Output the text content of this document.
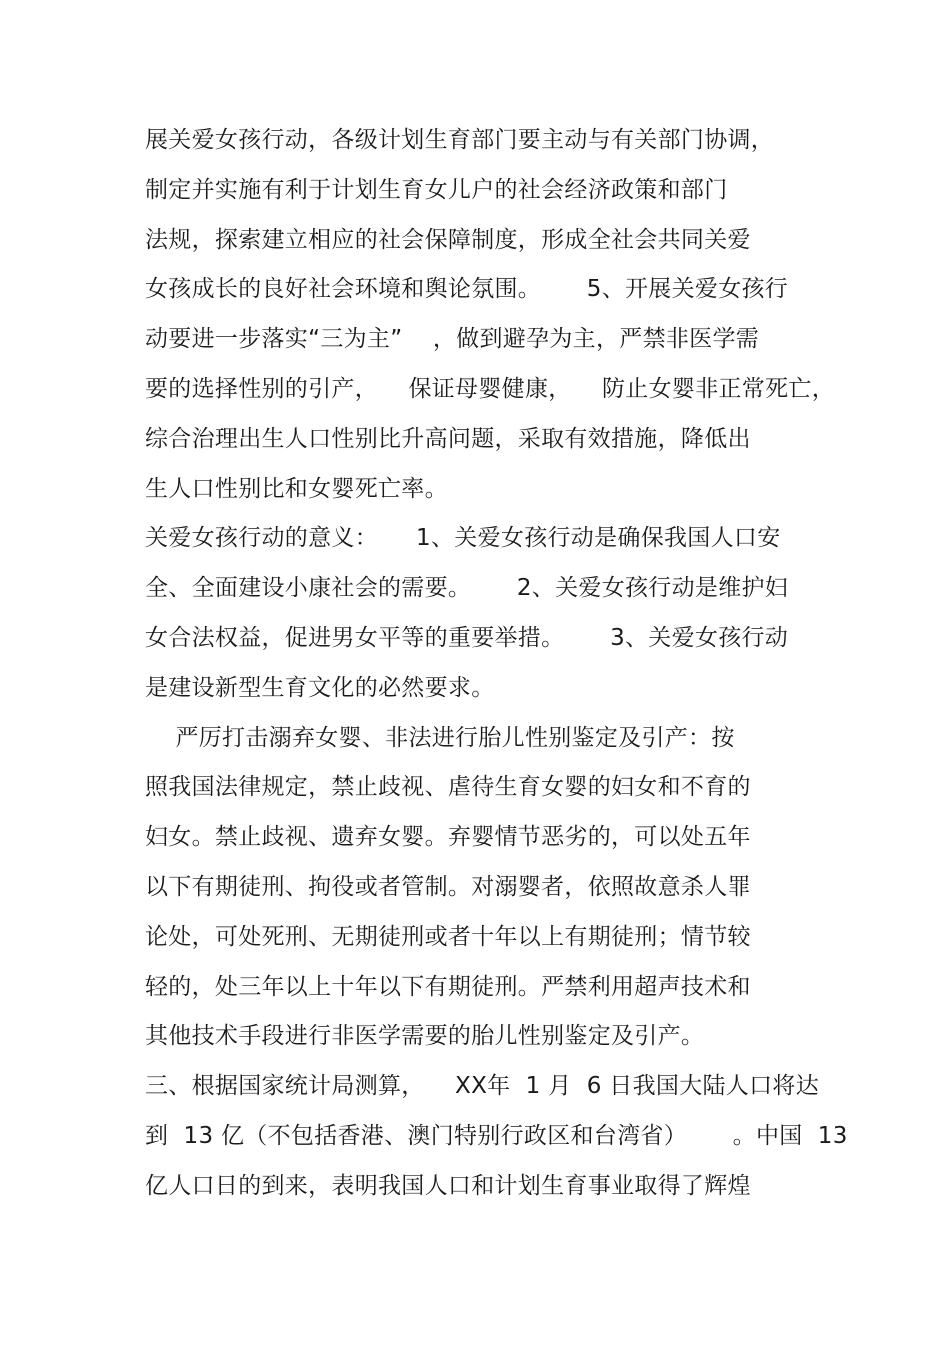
展关爱女孩行动，各级计划生育部门要主动与有关部门协调，
制定并实施有利于计划生育女儿户的社会经济政策和部门
法规，探索建立相应的社会保障制度，形成全社会共同关爱
女孩成长的良好社会环境和舆论氛围。      5、开展关爱女孩行
动要进一步落实“三为主”    ，做到避孕为主，严禁非医学需
要的选择性别的引产，    保证母婴健康，    防止女婴非正常死亡，
综合治理出生人口性别比升高问题，采取有效措施，降低出
生人口性别比和女婴死亡率。
关爱女孩行动的意义：     1、关爱女孩行动是确保我国人口安
全、全面建设小康社会的需要。      2、关爱女孩行动是维护妇
女合法权益，促进男女平等的重要举措。      3、关爱女孩行动
是建设新型生育文化的必然要求。
严厉打击溺弃女婴、非法进行胎儿性别鉴定及引产：按
照我国法律规定，禁止歧视、虐待生育女婴的妇女和不育的
妇女。禁止歧视、遗弃女婴。弃婴情节恶劣的，可以处五年
以下有期徒刑、拘役或者管制。对溺婴者，依照故意杀人罪
论处，可处死刑、无期徒刑或者十年以上有期徒刑；情节较
轻的，处三年以上十年以下有期徒刑。严禁利用超声技术和
其他技术手段进行非医学需要的胎儿性别鉴定及引产。
三、根据国家统计局测算，    XX年  1 月  6 日我国大陆人口将达
到  13 亿（不包括香港、澳门特别行政区和台湾省）      。中国  13
亿人口日的到来，表明我国人口和计划生育事业取得了辉煌
